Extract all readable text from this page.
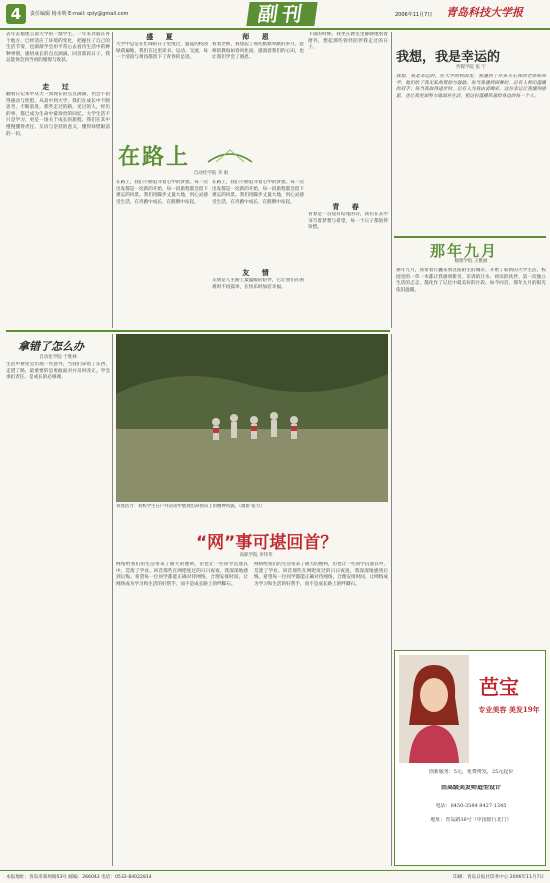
4	责任编辑 杨本明 E-mail: qsly@gmail.com	副刊	2006年11月7日 青岛科技大学报
去年去福建云南大学的一群学生，一年来奔波在各个地方，已经适应了环境的变化，把握住了自己的生活节奏，也渐渐学会用平常心去看待生活中的种种事情，感悟成长的点点滴滴。回首那段日子，我总能体会到当初的憧憬与收获。
走 过
翻看日记本中从大一到现在的点点滴滴，仍会不由得感动与欣慰。从高中到大学，我们在成长中不断思考，不断前进。那些走过的路，见过的人，经历的事，都已成为生命中最珍贵的回忆。大学生活不只是学习，更是一场关于成长的旅程，我们在其中慢慢懂得责任、友谊与坚持的意义，懂得珍惜眼前的一切。
盛 夏
大学中总是在忙碌的日子里度过，盛夏的校园绿荫遍地，我们在这里读书、运动、交流，每一个清晨与黄昏都留下了青春的足迹。
师 恩
看着老师，我想起了那些默默奉献的岁月。恩师的教诲如春风化雨，滋润着我们的心田，也让我们学会了感恩。
下雨的时候，我坐在教室里静静地看着窗外，想起那些曾经陪伴我走过的日子。
青 春
青春是一首没有结尾的诗，我们在其中书写着梦想与希望，每一个日子都值得珍惜。
在路上
自动化学院 李 娟
在路上，我们不断追寻着心中的梦想。每一次出发都是一次新的开始，每一段旅程都会留下难忘的风景。我们用脚步丈量大地，用心灵感受生活，在奔跑中成长，在跌倒中站起。
友 情
在路上，我们不断追寻着心中的梦想。每一次出发都是一次新的开始，每一段旅程都会留下难忘的风景。我们用脚步丈量大地，用心灵感受生活，在奔跑中成长，在跌倒中站起。
友情是人生路上最温暖的陪伴，它让我们在困难时不再孤单，在快乐时加倍幸福。
我想，我是幸运的
传媒学院 张 宁
我想，我是幸运的。在大学的校园里，我遇到了许多关心我的老师和同学，他们给了我无私的帮助与鼓励。每当我遇到困难时，总有人伸出温暖的双手；每当我取得进步时，总有人为我由衷喝彩。这份幸运让我懂得感恩，也让我更加努力地面对生活，把这份温暖传递给身边的每一个人。
那年九月
数理学院 王雅丽
那年九月，我带着行囊来到这座陌生的城市，开始了崭新的大学生活。校园里的一草一木都让我感到新奇，军训的汗水、初识的伙伴、第一次独立生活的忐忑，都化作了记忆中最美好的片段。如今回首，那年九月的阳光依旧温暖。
拿错了怎么办
自动化学院 于胜林
生活中难免会出现一些意外，当我们拿错了东西、走错了路，最重要的是勇敢面对并及时改正。学会承担责任，是成长的必修课。
青春活力：我校学生在户外活动中展现出昂扬向上的精神风貌。（摄影 张力）
“网”事可堪回首？
高职学院 李伟华
网络给我们的生活带来了极大的便利，但也让一些同学沉迷其中，荒废了学业。回首那些在网吧度过的日日夜夜，我深深地感到后悔。希望每一位同学都能正确对待网络，合理安排时间，让网络成为学习和生活的好帮手，而不是成长路上的绊脚石。
网络给我们的生活带来了极大的便利，但也让一些同学沉迷其中，荒废了学业。回首那些在网吧度过的日日夜夜，我深深地感到后悔。希望每一位同学都能正确对待网络，合理安排时间，让网络成为学习和生活的好帮手，而不是成长路上的绊脚石。
芭宝
专业美容 美发19年
创新服务：5元，免费剪发，25元起价
由高级美发师造型设计
电话：8450-3584 8427-1345
地址：青岛路38号（中国银行北门）
本报地址：青岛市郑州路53号 邮编：266042 电话：0532-84022814	印刷：青岛日报社印务中心 2006年11月7日
